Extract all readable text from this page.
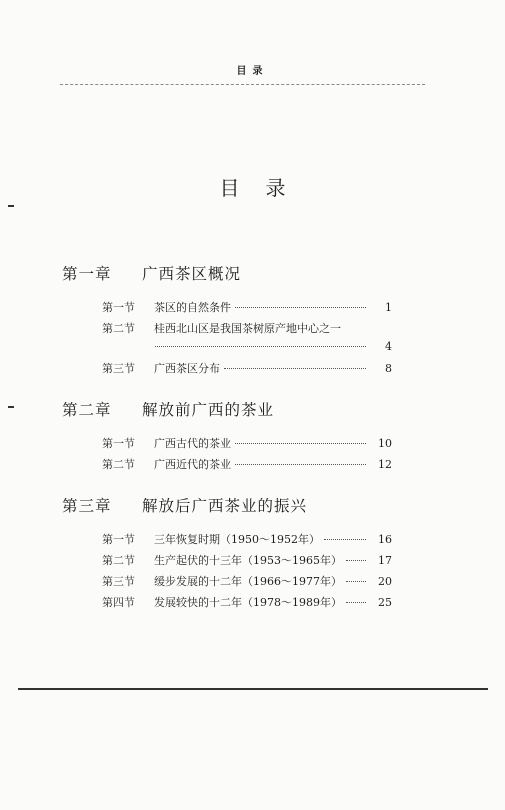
目录
目录
第一章 广西茶区概况
第一节	茶区的自然条件	1
第二节	桂西北山区是我国茶树原产地中心之一
4
第三节	广西茶区分布	8
第二章 解放前广西的茶业
第一节	广西古代的茶业	10
第二节	广西近代的茶业	12
第三章 解放后广西茶业的振兴
第一节	三年恢复时期（1950～1952年）	16
第二节	生产起伏的十三年（1953～1965年）	17
第三节	缓步发展的十二年（1966～1977年）	20
第四节	发展较快的十二年（1978～1989年）	25
